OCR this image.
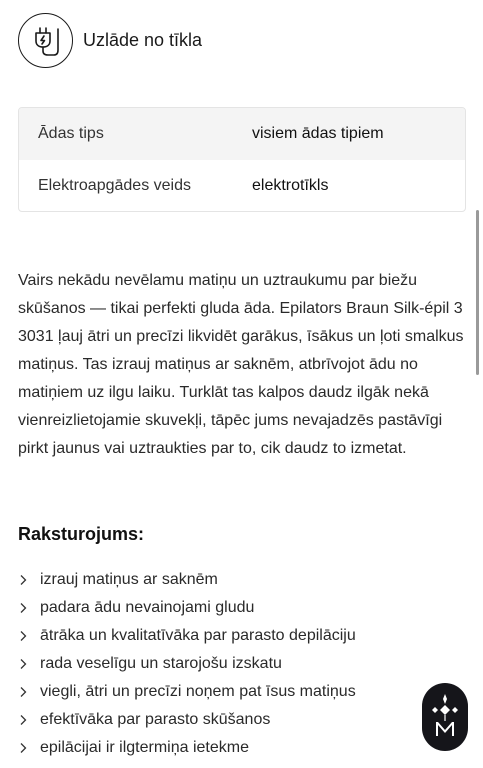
Uzlāde no tīkla
Ādas tips	visiem ādas tipiem
Elektroapgādes veids	elektrotīkls

Vairs nekādu nevēlamu matiņu un uztraukumu par biežu skūšanos — tikai perfekti gluda āda. Epilators Braun Silk-épil 3 3031 ļauj ātri un precīzi likvidēt garākus, īsākus un ļoti smalkus matiņus. Tas izrauj matiņus ar saknēm, atbrīvojot ādu no matiņiem uz ilgu laiku. Turklāt tas kalpos daudz ilgāk nekā vienreizlietojamie skuvekļi, tāpēc jums nevajadzēs pastāvīgi pirkt jaunus vai uztraukties par to, cik daudz to izmetat.

Raksturojums:
izrauj matiņus ar saknēm
padara ādu nevainojami gludu
ātrāka un kvalitatīvāka par parasto depilāciju
rada veselīgu un starojošu izskatu
viegli, ātri un precīzi noņem pat īsus matiņus
efektīvāka par parasto skūšanos
epilācijai ir ilgtermiņa ietekme
